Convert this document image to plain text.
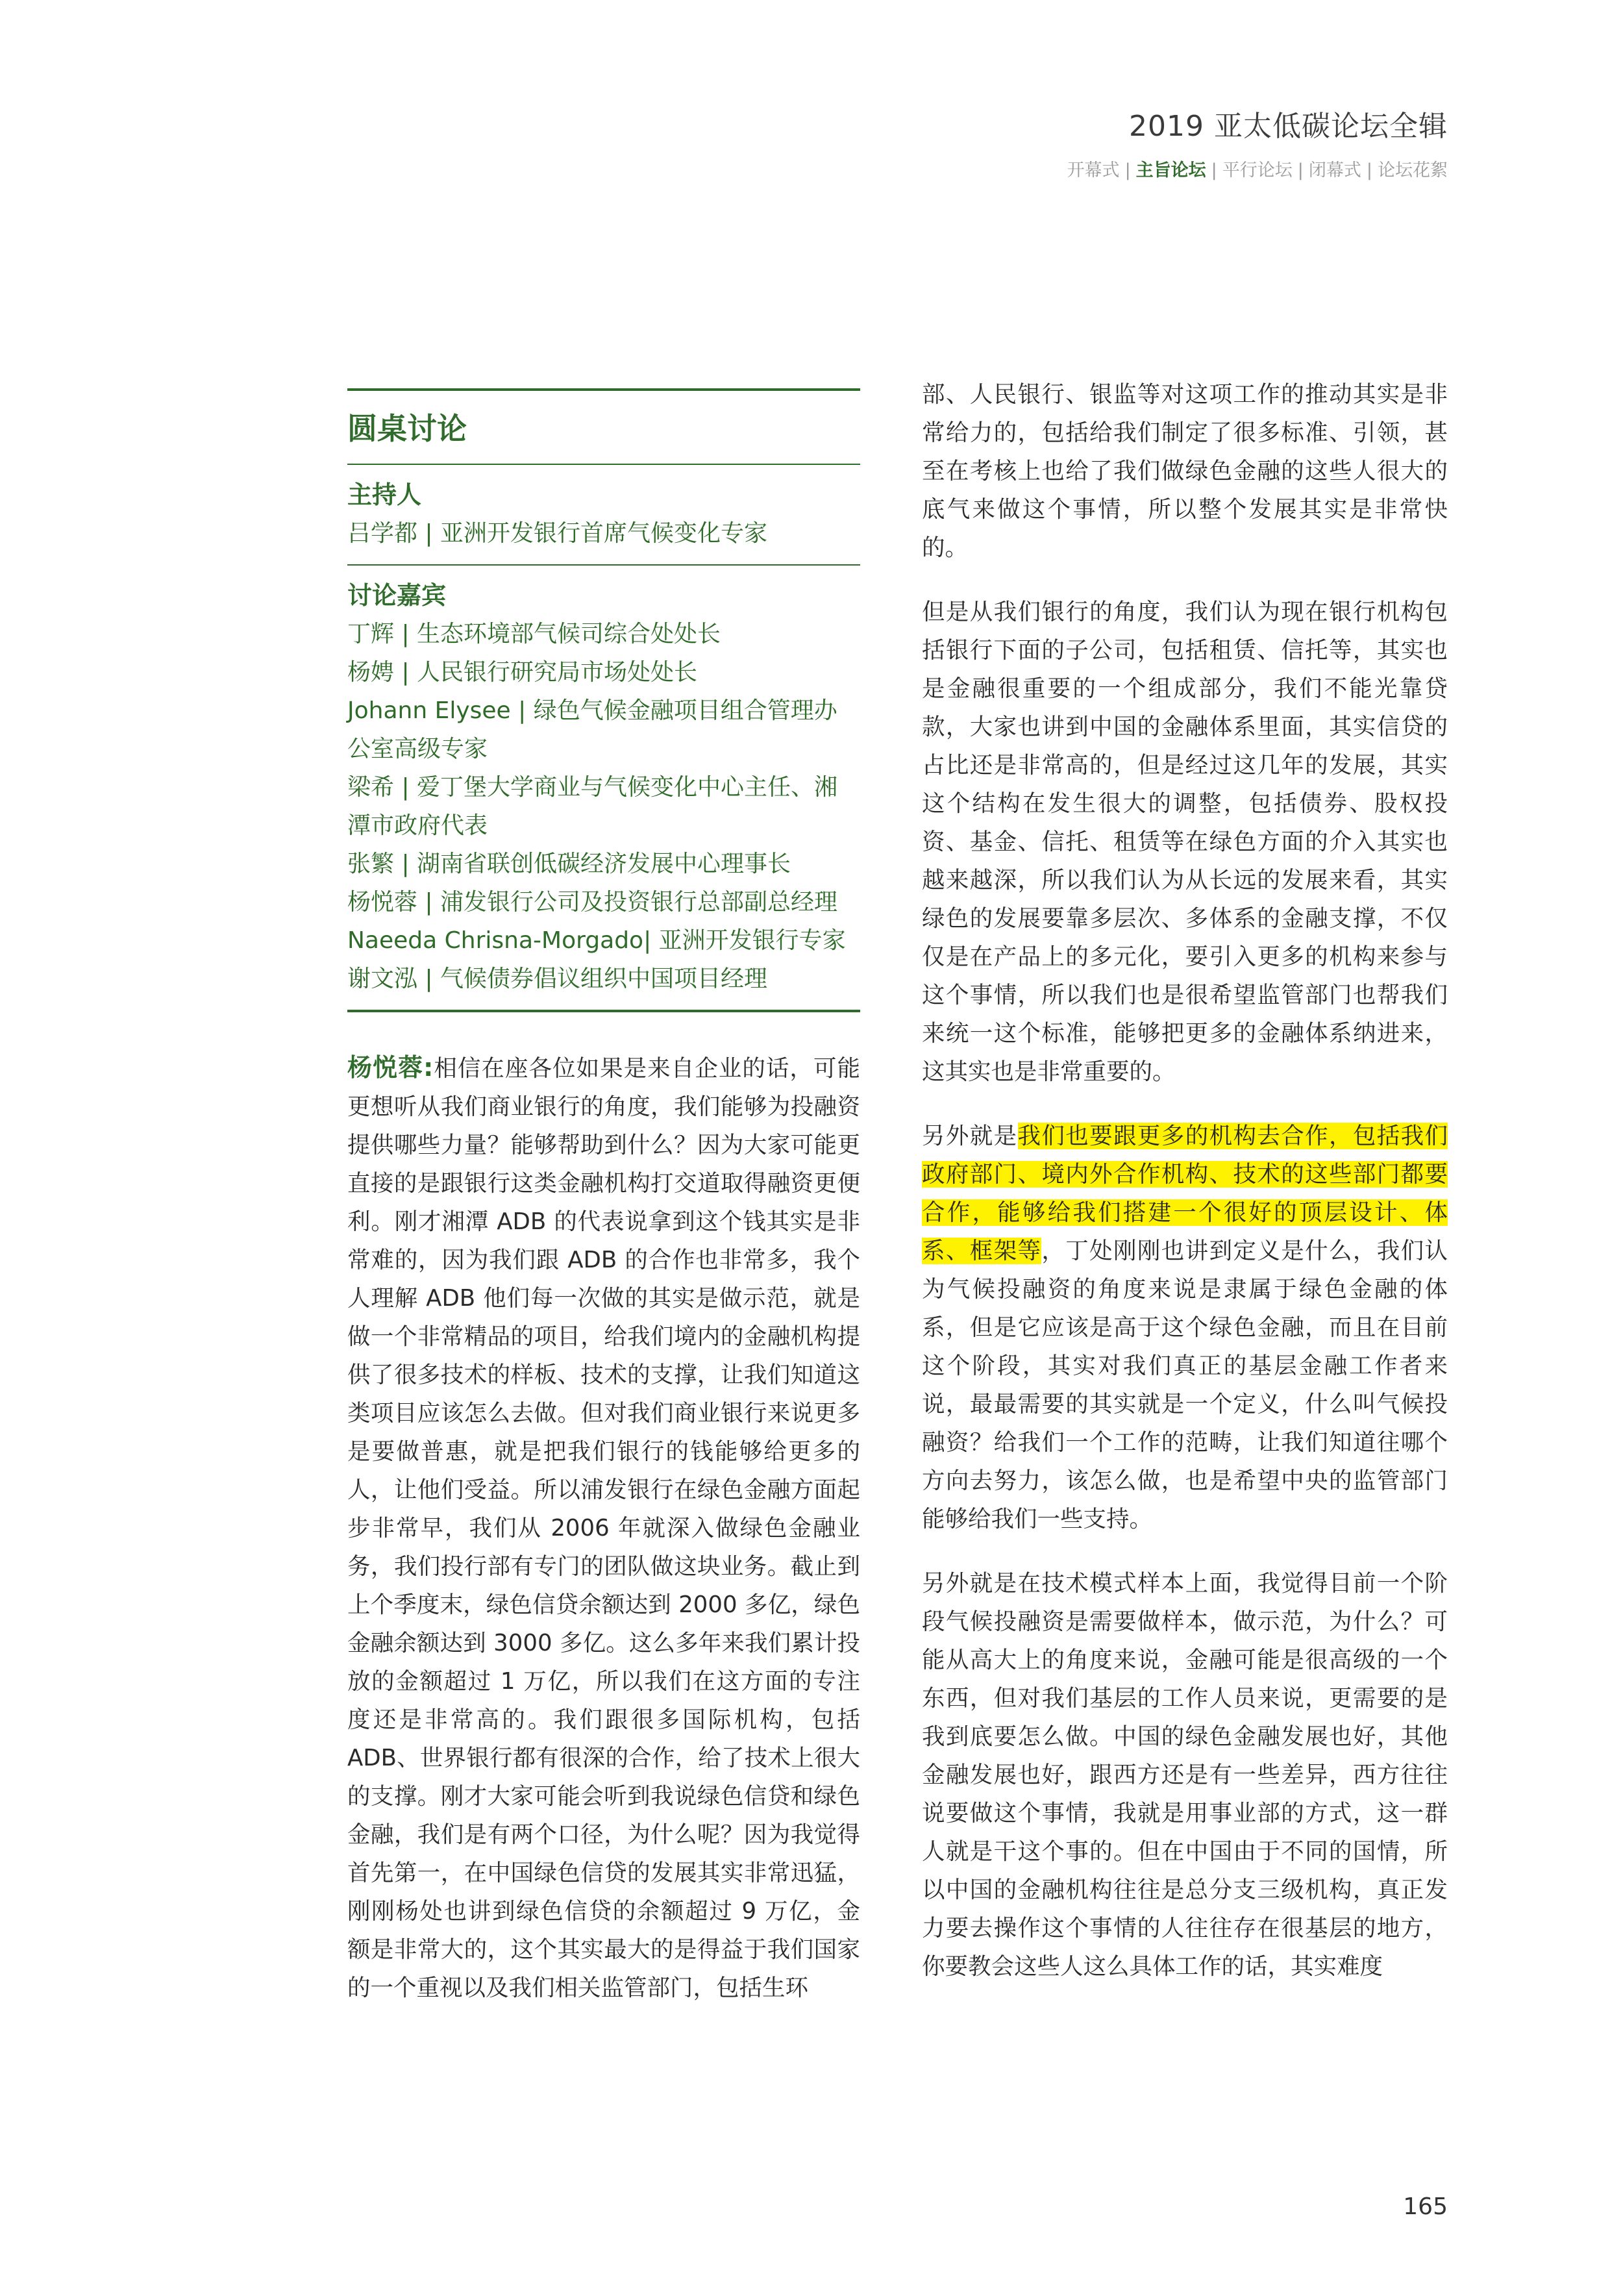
2019 亚太低碳论坛全辑
开幕式 | 主旨论坛 | 平行论坛 | 闭幕式 | 论坛花絮
圆桌讨论
主持人

吕学都 | 亚洲开发银行首席气候变化专家

讨论嘉宾

丁辉 | 生态环境部气候司综合处处长

杨娉 | 人民银行研究局市场处处长

Johann Elysee | 绿色气候金融项目组合管理办公室高级专家

梁希 | 爱丁堡大学商业与气候变化中心主任、湘潭市政府代表

张繁 | 湖南省联创低碳经济发展中心理事长

杨悦蓉 | 浦发银行公司及投资银行总部副总经理

Naeeda Chrisna-Morgado| 亚洲开发银行专家

谢文泓 | 气候债券倡议组织中国项目经理

杨悦蓉:相信在座各位如果是来自企业的话，可能更想听从我们商业银行的角度，我们能够为投融资提供哪些力量？能够帮助到什么？因为大家可能更直接的是跟银行这类金融机构打交道取得融资更便利。刚才湘潭 ADB 的代表说拿到这个钱其实是非常难的，因为我们跟 ADB 的合作也非常多，我个人理解 ADB 他们每一次做的其实是做示范，就是做一个非常精品的项目，给我们境内的金融机构提供了很多技术的样板、技术的支撑，让我们知道这类项目应该怎么去做。但对我们商业银行来说更多是要做普惠，就是把我们银行的钱能够给更多的人，让他们受益。所以浦发银行在绿色金融方面起步非常早，我们从 2006 年就深入做绿色金融业务，我们投行部有专门的团队做这块业务。截止到上个季度末，绿色信贷余额达到 2000 多亿，绿色金融余额达到 3000 多亿。这么多年来我们累计投放的金额超过 1 万亿，所以我们在这方面的专注度还是非常高的。我们跟很多国际机构，包括 ADB、世界银行都有很深的合作，给了技术上很大的支撑。刚才大家可能会听到我说绿色信贷和绿色金融，我们是有两个口径，为什么呢？因为我觉得首先第一，在中国绿色信贷的发展其实非常迅猛，刚刚杨处也讲到绿色信贷的余额超过 9 万亿，金额是非常大的，这个其实最大的是得益于我们国家的一个重视以及我们相关监管部门，包括生环

部、人民银行、银监等对这项工作的推动其实是非常给力的，包括给我们制定了很多标准、引领，甚至在考核上也给了我们做绿色金融的这些人很大的底气来做这个事情，所以整个发展其实是非常快的。

但是从我们银行的角度，我们认为现在银行机构包括银行下面的子公司，包括租赁、信托等，其实也是金融很重要的一个组成部分，我们不能光靠贷款，大家也讲到中国的金融体系里面，其实信贷的占比还是非常高的，但是经过这几年的发展，其实这个结构在发生很大的调整，包括债券、股权投资、基金、信托、租赁等在绿色方面的介入其实也越来越深，所以我们认为从长远的发展来看，其实绿色的发展要靠多层次、多体系的金融支撑，不仅仅是在产品上的多元化，要引入更多的机构来参与这个事情，所以我们也是很希望监管部门也帮我们来统一这个标准，能够把更多的金融体系纳进来，这其实也是非常重要的。

另外就是我们也要跟更多的机构去合作，包括我们政府部门、境内外合作机构、技术的这些部门都要合作，能够给我们搭建一个很好的顶层设计、体系、框架等，丁处刚刚也讲到定义是什么，我们认为气候投融资的角度来说是隶属于绿色金融的体系，但是它应该是高于这个绿色金融，而且在目前这个阶段，其实对我们真正的基层金融工作者来说，最最需要的其实就是一个定义，什么叫气候投融资？给我们一个工作的范畴，让我们知道往哪个方向去努力，该怎么做，也是希望中央的监管部门能够给我们一些支持。

另外就是在技术模式样本上面，我觉得目前一个阶段气候投融资是需要做样本，做示范，为什么？可能从高大上的角度来说，金融可能是很高级的一个东西，但对我们基层的工作人员来说，更需要的是我到底要怎么做。中国的绿色金融发展也好，其他金融发展也好，跟西方还是有一些差异，西方往往说要做这个事情，我就是用事业部的方式，这一群人就是干这个事的。但在中国由于不同的国情，所以中国的金融机构往往是总分支三级机构，真正发力要去操作这个事情的人往往存在很基层的地方，你要教会这些人这么具体工作的话，其实难度

165
